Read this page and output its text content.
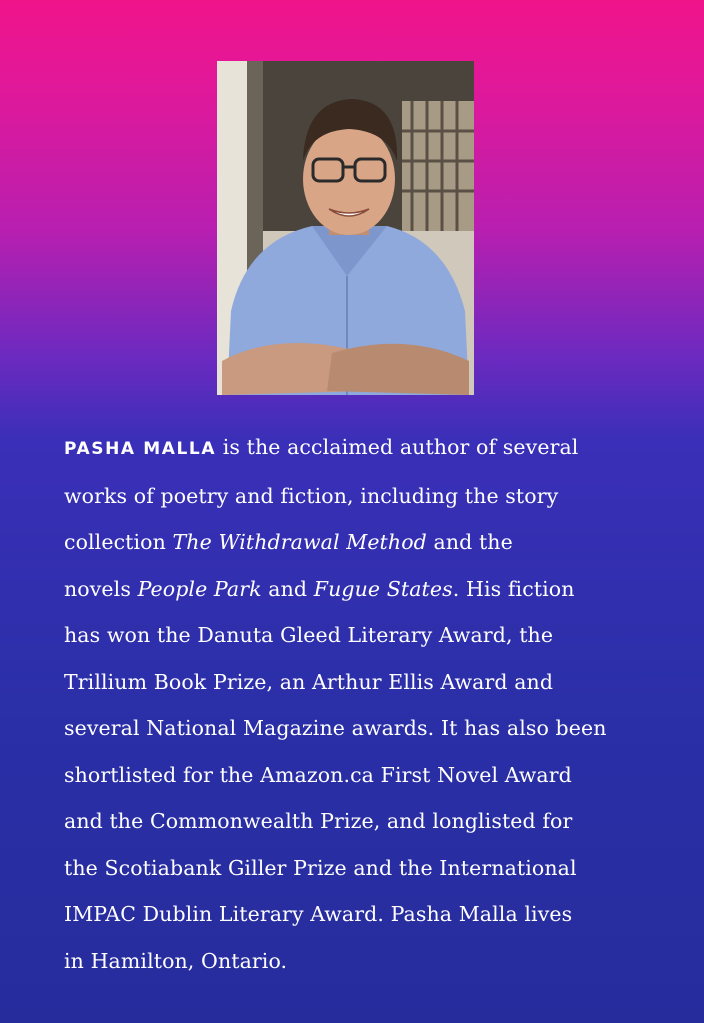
PASHA MALLA is the acclaimed author of several
works of poetry and fiction, including the story
collection The Withdrawal Method and the
novels People Park and Fugue States. His fiction
has won the Danuta Gleed Literary Award, the
Trillium Book Prize, an Arthur Ellis Award and
several National Magazine awards. It has also been
shortlisted for the Amazon.ca First Novel Award
and the Commonwealth Prize, and longlisted for
the Scotiabank Giller Prize and the International
IMPAC Dublin Literary Award. Pasha Malla lives
in Hamilton, Ontario.
